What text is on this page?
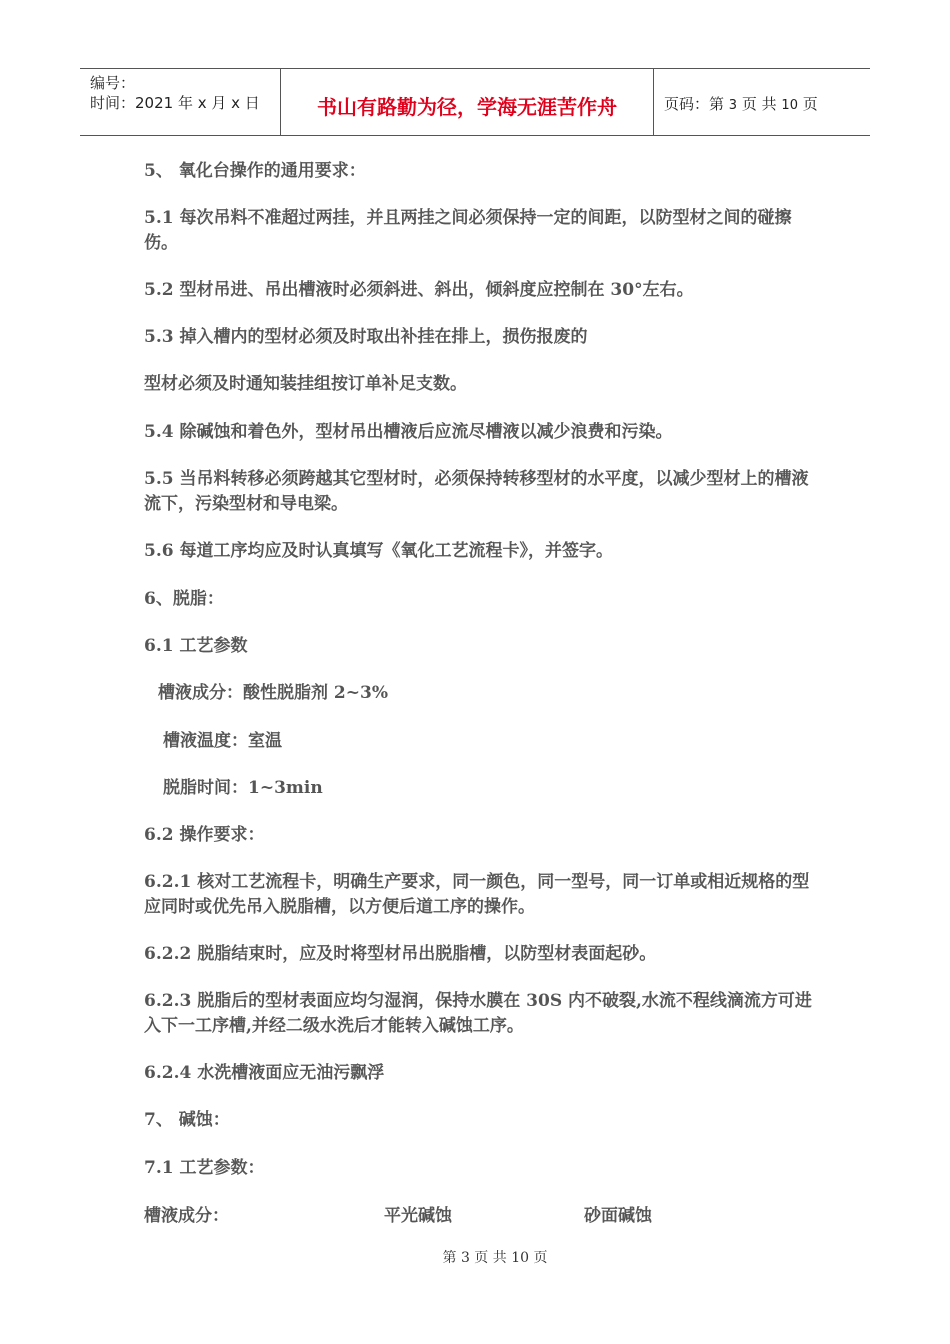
编号：
时间：2021 年 x 月 x 日	书山有路勤为径，学海无涯苦作舟	页码：第 3 页 共 10 页
5、 氧化台操作的通用要求：
5.1 每次吊料不准超过两挂，并且两挂之间必须保持一定的间距，以防型材之间的碰擦伤。
5.2 型材吊进、吊出槽液时必须斜进、斜出，倾斜度应控制在 30°左右。
5.3 掉入槽内的型材必须及时取出补挂在排上，损伤报废的
型材必须及时通知装挂组按订单补足支数。
5.4 除碱蚀和着色外，型材吊出槽液后应流尽槽液以减少浪费和污染。
5.5 当吊料转移必须跨越其它型材时，必须保持转移型材的水平度，以减少型材上的槽液流下，污染型材和导电梁。
5.6 每道工序均应及时认真填写《氧化工艺流程卡》，并签字。
6、脱脂：
6.1 工艺参数
槽液成分：酸性脱脂剂 2~3%
槽液温度：室温
脱脂时间：1~3min
6.2 操作要求：
6.2.1 核对工艺流程卡，明确生产要求，同一颜色，同一型号，同一订单或相近规格的型应同时或优先吊入脱脂槽，以方便后道工序的操作。
6.2.2 脱脂结束时，应及时将型材吊出脱脂槽，以防型材表面起砂。
6.2.3 脱脂后的型材表面应均匀湿润，保持水膜在 30S 内不破裂,水流不程线滴流方可进入下一工序槽,并经二级水洗后才能转入碱蚀工序。
6.2.4 水洗槽液面应无油污飘浮
7、 碱蚀：
7.1 工艺参数：
槽液成分：	平光碱蚀	砂面碱蚀
第 3 页 共 10 页
